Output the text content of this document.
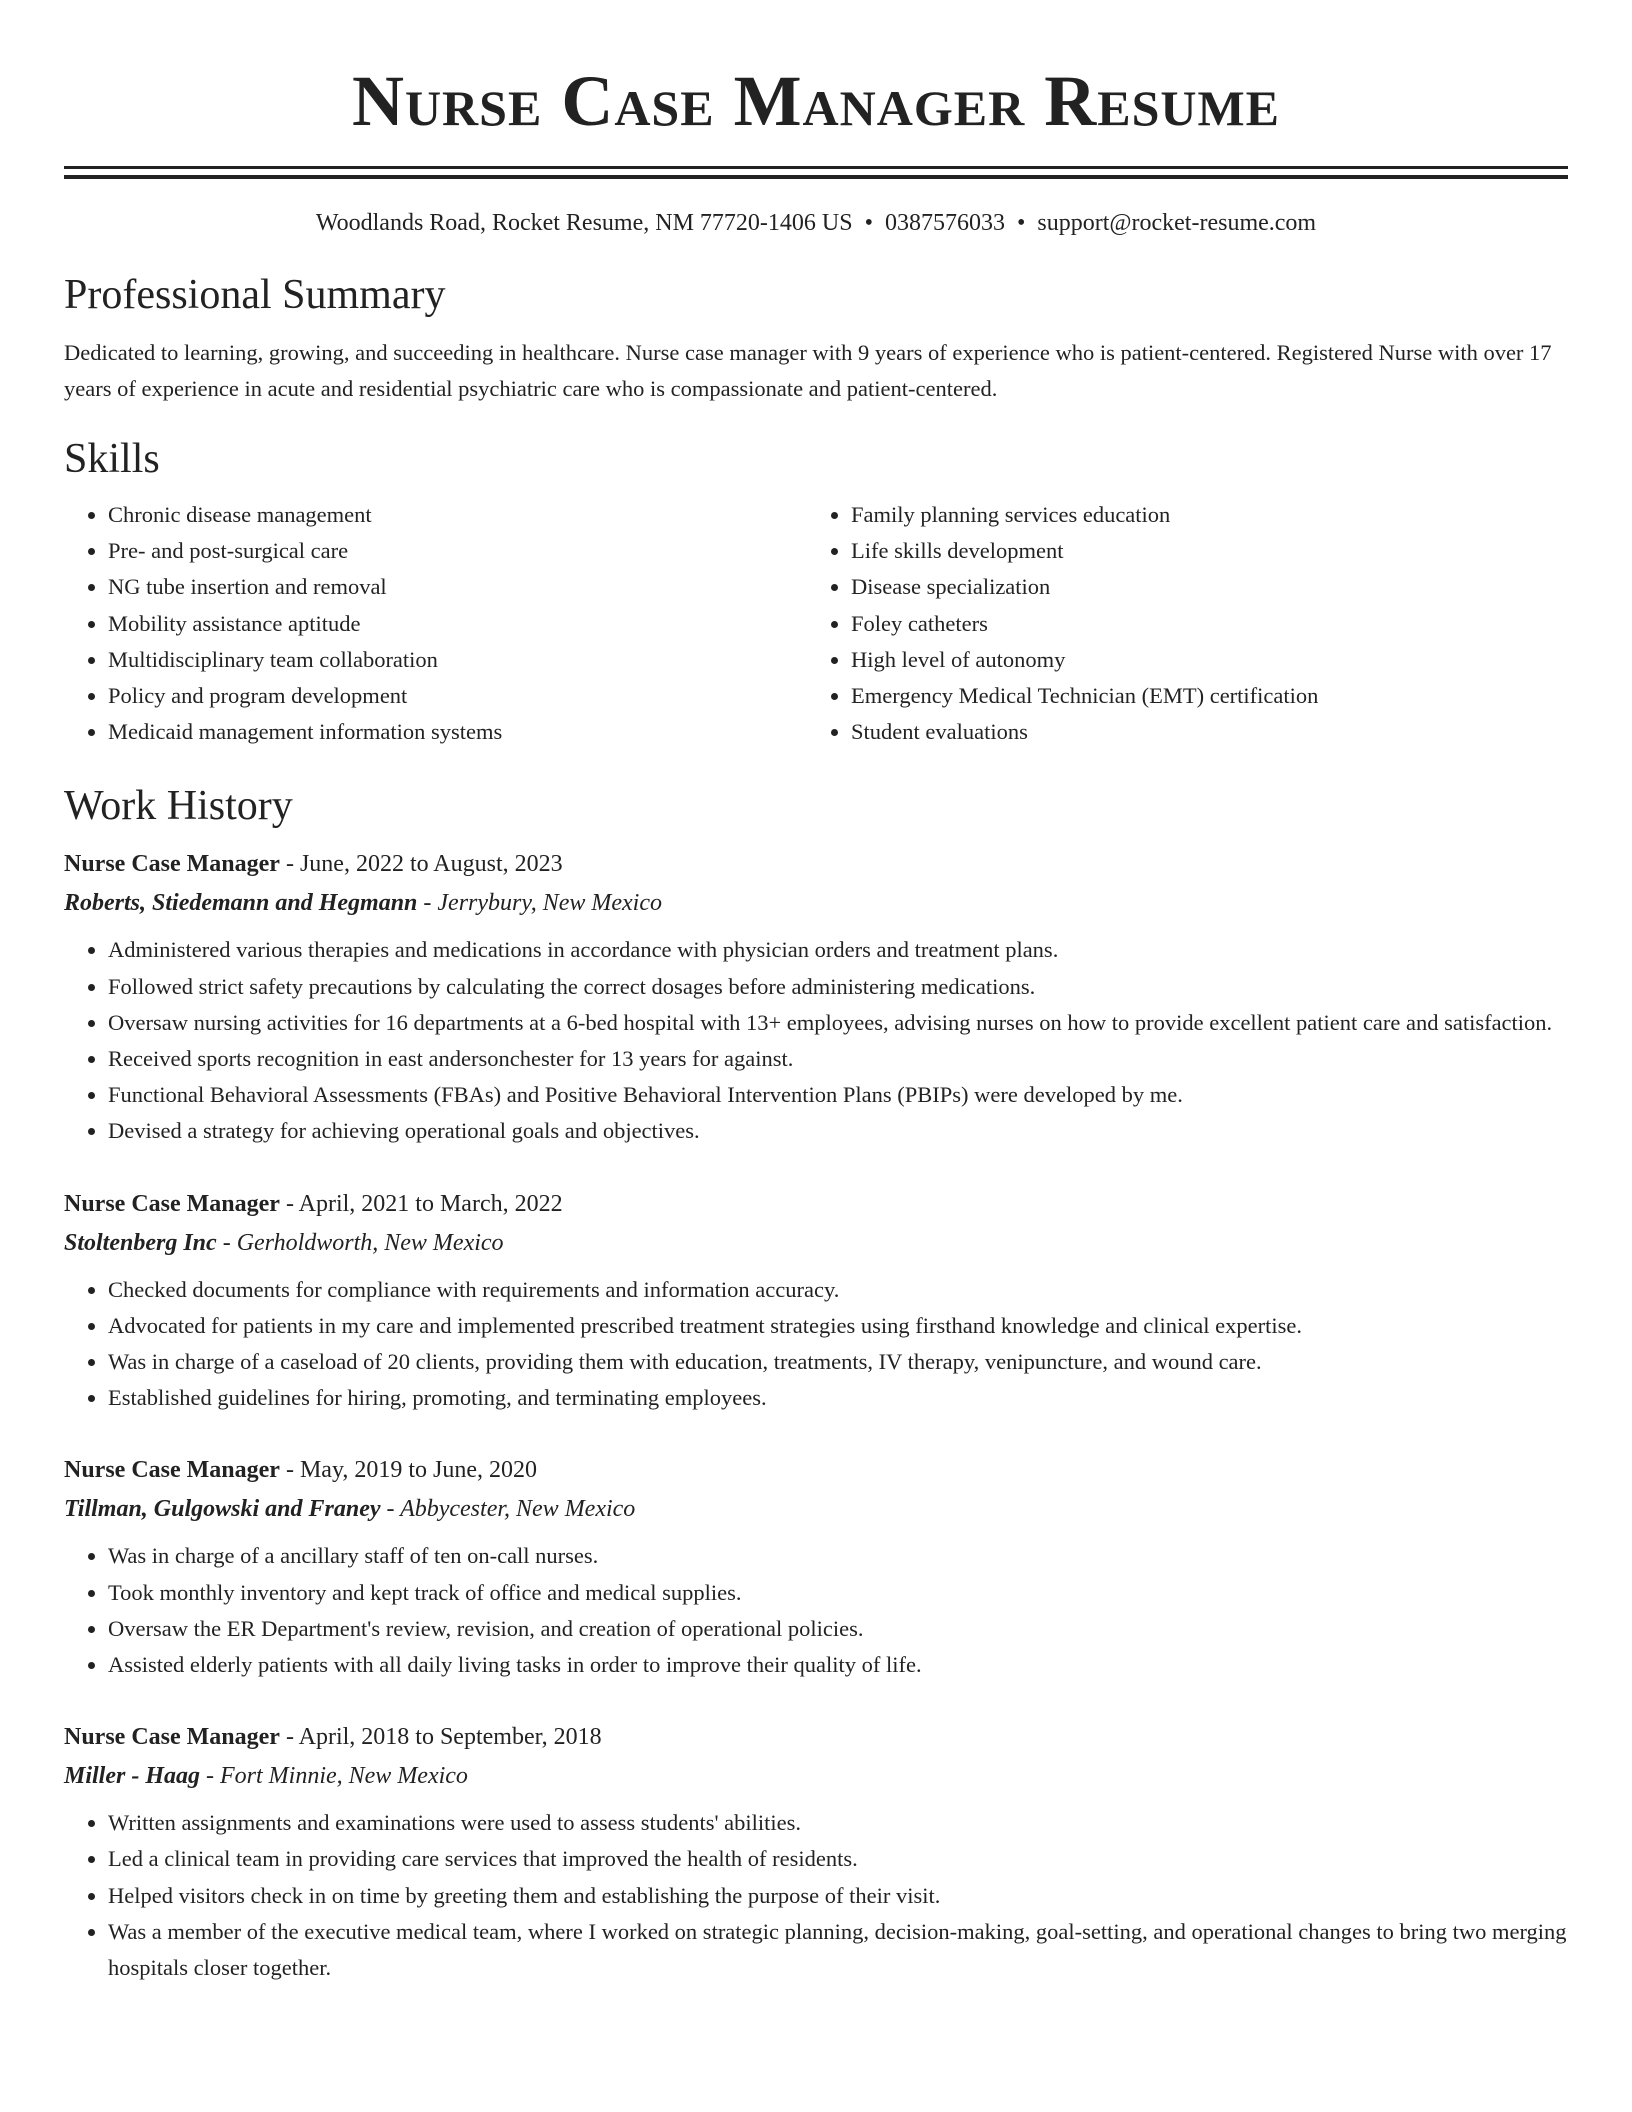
Nurse Case Manager Resume
Woodlands Road, Rocket Resume, NM 77720-1406 US • 0387576033 • support@rocket-resume.com
Professional Summary

Dedicated to learning, growing, and succeeding in healthcare. Nurse case manager with 9 years of experience who is patient-centered. Registered Nurse with over 17 years of experience in acute and residential psychiatric care who is compassionate and patient-centered.

Skills
• Chronic disease management
• Pre- and post-surgical care
• NG tube insertion and removal
• Mobility assistance aptitude
• Multidisciplinary team collaboration
• Policy and program development
• Medicaid management information systems
• Family planning services education
• Life skills development
• Disease specialization
• Foley catheters
• High level of autonomy
• Emergency Medical Technician (EMT) certification
• Student evaluations
Work History
Nurse Case Manager - June, 2022 to August, 2023
Roberts, Stiedemann and Hegmann - Jerrybury, New Mexico
• Administered various therapies and medications in accordance with physician orders and treatment plans.
• Followed strict safety precautions by calculating the correct dosages before administering medications.
• Oversaw nursing activities for 16 departments at a 6-bed hospital with 13+ employees, advising nurses on how to provide excellent patient care and satisfaction.
• Received sports recognition in east andersonchester for 13 years for against.
• Functional Behavioral Assessments (FBAs) and Positive Behavioral Intervention Plans (PBIPs) were developed by me.
• Devised a strategy for achieving operational goals and objectives.
Nurse Case Manager - April, 2021 to March, 2022
Stoltenberg Inc - Gerholdworth, New Mexico
• Checked documents for compliance with requirements and information accuracy.
• Advocated for patients in my care and implemented prescribed treatment strategies using firsthand knowledge and clinical expertise.
• Was in charge of a caseload of 20 clients, providing them with education, treatments, IV therapy, venipuncture, and wound care.
• Established guidelines for hiring, promoting, and terminating employees.
Nurse Case Manager - May, 2019 to June, 2020
Tillman, Gulgowski and Franey - Abbycester, New Mexico
• Was in charge of a ancillary staff of ten on-call nurses.
• Took monthly inventory and kept track of office and medical supplies.
• Oversaw the ER Department's review, revision, and creation of operational policies.
• Assisted elderly patients with all daily living tasks in order to improve their quality of life.
Nurse Case Manager - April, 2018 to September, 2018
Miller - Haag - Fort Minnie, New Mexico
• Written assignments and examinations were used to assess students' abilities.
• Led a clinical team in providing care services that improved the health of residents.
• Helped visitors check in on time by greeting them and establishing the purpose of their visit.
• Was a member of the executive medical team, where I worked on strategic planning, decision-making, goal-setting, and operational changes to bring two merging hospitals closer together.
